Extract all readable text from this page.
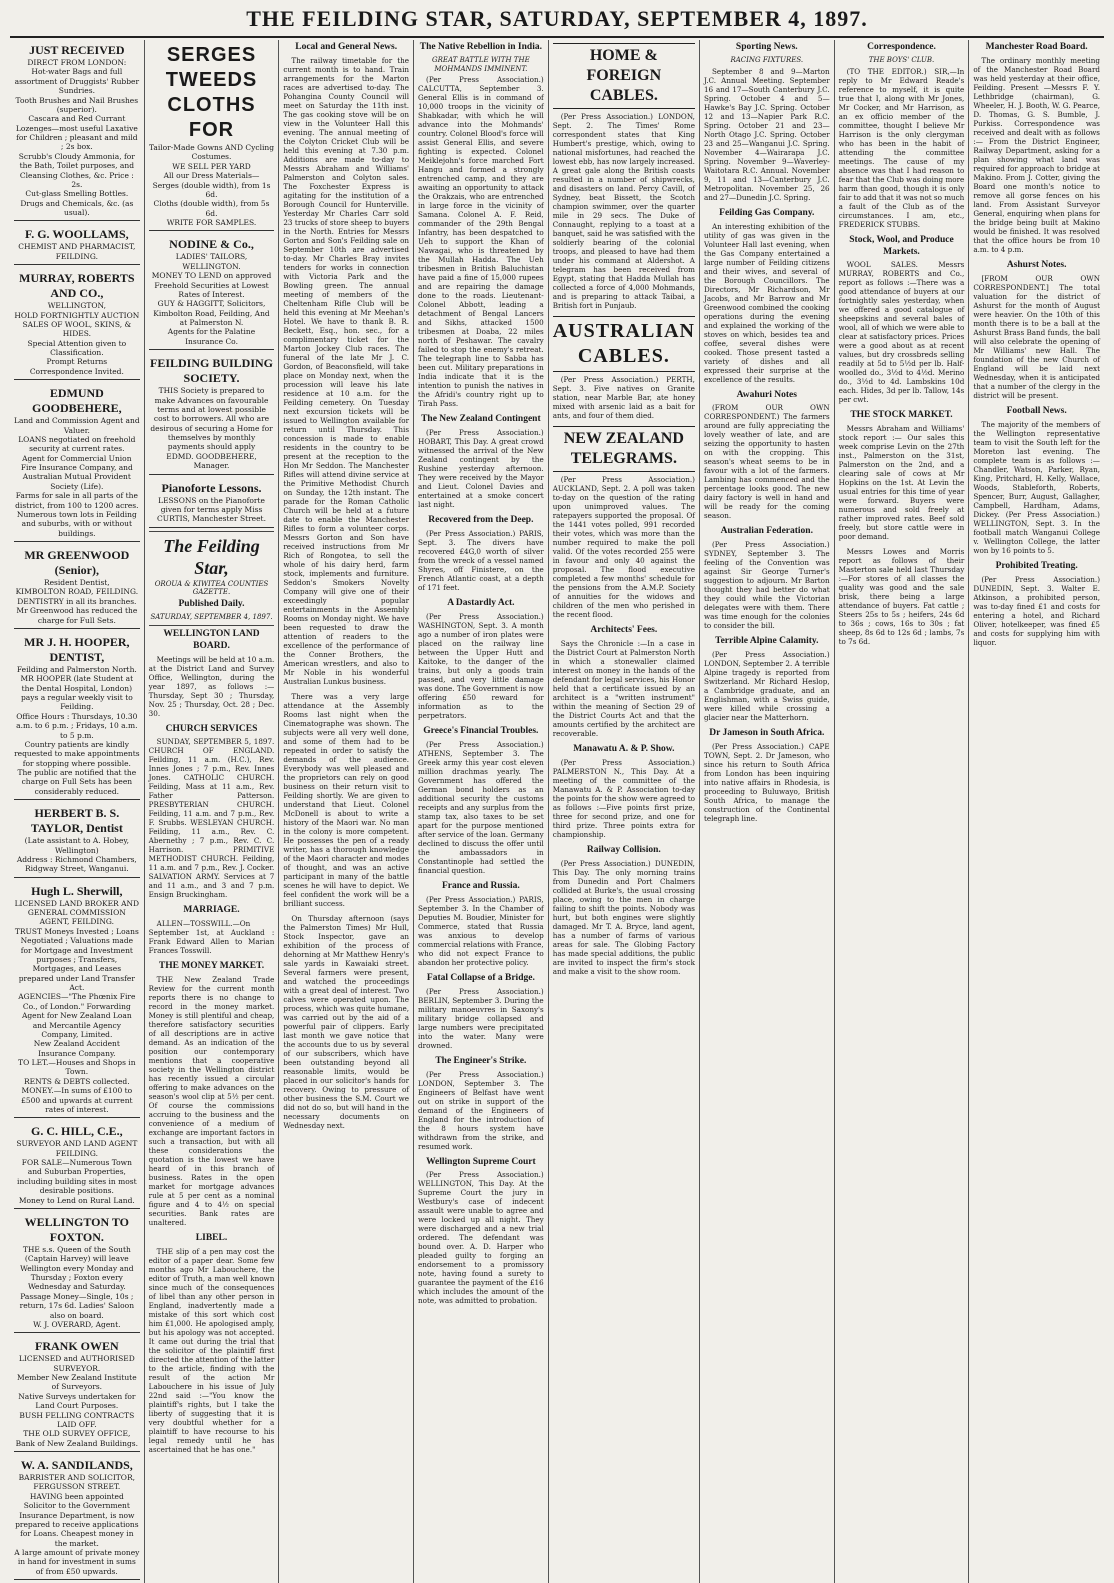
THE FEILDING STAR, SATURDAY, SEPTEMBER 4, 1897.
JUST RECEIVED
DIRECT FROM LONDON:
Hot-water Bags and full assortment of Druggists' Rubber Sundries.
Tooth Brushes and Nail Brushes (superior).
Cascara and Red Currant Lozenges—most useful Laxative for Children ; pleasant and mild ; 2s box.
Scrubb's Cloudy Ammonia, for the Bath, Toilet purposes, and Cleansing Clothes, &c. Price : 2s.
Cut-glass Smelling Bottles.
Drugs and Chemicals, &c. (as usual).
F. G. WOOLLAMS,
CHEMIST AND PHARMACIST, FEILDING.
MURRAY, ROBERTS AND CO.,
WELLINGTON,
HOLD FORTNIGHTLY AUCTION SALES OF WOOL, SKINS, & HIDES.
Special Attention given to Classification.
Prompt Returns
Correspondence Invited.
EDMUND GOODBEHERE,
Land and Commission Agent and Valuer.
LOANS negotiated on freehold security at current rates.
Agent for Commercial Union Fire Insurance Company, and Australian Mutual Provident Society (Life).
Farms for sale in all parts of the district, from 100 to 1200 acres.
Numerous town lots in Feilding and suburbs, with or without buildings.
MR GREENWOOD (Senior),
Resident Dentist,
KIMBOLTON ROAD, FEILDING.
DENTISTRY in all its branches.
Mr Greenwood has reduced the charge for Full Sets.
MR J. H. HOOPER, DENTIST,
Feilding and Palmerston North.
MR HOOPER (late Student at the Dental Hospital, London) pays a regular weekly visit to Feilding.
Office Hours : Thursdays, 10.30 a.m. to 6 p.m. ; Fridays, 10 a.m. to 5 p.m.
Country patients are kindly requested to make appointments for stopping where possible.
The public are notified that the charge on Full Sets has been considerably reduced.
HERBERT B. S. TAYLOR, Dentist
(Late assistant to A. Hobey, Wellington)
Address : Richmond Chambers, Ridgway Street, Wanganui.
Hugh L. Sherwill,
LICENSED LAND BROKER AND GENERAL COMMISSION AGENT, FEILDING.
TRUST Moneys Invested ; Loans Negotiated ; Valuations made for Mortgage and Investment purposes ; Transfers, Mortgages, and Leases prepared under Land Transfer Act.
AGENCIES—"The Phœnix Fire Co., of London." Forwarding Agent for New Zealand Loan and Mercantile Agency Company, Limited.
New Zealand Accident Insurance Company.
TO LET.—Houses and Shops in Town.
RENTS & DEBTS collected.
MONEY.—In sums of £100 to £500 and upwards at current rates of interest.
G. C. HILL, C.E.,
SURVEYOR AND LAND AGENT FEILDING.
FOR SALE—Numerous Town and Suburban Properties, including building sites in most desirable positions.
Money to Lend on Rural Land.
WELLINGTON TO FOXTON.
THE s.s. Queen of the South (Captain Harvey) will leave Wellington every Monday and Thursday ; Foxton every Wednesday and Saturday.
Passage Money—Single, 10s ; return, 17s 6d. Ladies' Saloon also on board.
W. J. OVERARD, Agent.
FRANK OWEN
LICENSED and AUTHORISED SURVEYOR.
Member New Zealand Institute of Surveyors.
Native Surveys undertaken for Land Court Purposes.
BUSH FELLING CONTRACTS LAID OFF.
THE OLD SURVEY OFFICE, Bank of New Zealand Buildings.
W. A. SANDILANDS,
BARRISTER AND SOLICITOR, FERGUSSON STREET.
HAVING been appointed Solicitor to the Government Insurance Department, is now prepared to receive applications for Loans. Cheapest money in the market.
A large amount of private money in hand for investment in sums of from £50 upwards.
SERGES
TWEEDS
CLOTHS
FOR
Tailor-Made Gowns AND Cycling Costumes.
WE SELL PER YARD
All our Dress Materials—
Serges (double width), from 1s 6d.
Cloths (double width), from 5s 6d.
WRITE FOR SAMPLES.
NODINE & Co.,
LADIES' TAILORS, WELLINGTON.
MONEY TO LEND on approved Freehold Securities at Lowest Rates of Interest.
GUY & HAGGITT, Solicitors, Kimbolton Road, Feilding, And at Palmerston N.
Agents for the Palatine Insurance Co.
FEILDING BUILDING SOCIETY.
THIS Society is prepared to make Advances on favourable terms and at lowest possible cost to borrowers. All who are desirous of securing a Home for themselves by monthly payments should apply
EDMD. GOODBEHERE, Manager.
Pianoforte Lessons.
LESSONS on the Pianoforte given for terms apply Miss CURTIS, Manchester Street.
The Feilding Star,
OROUA & KIWITEA COUNTIES GAZETTE.
Published Daily.
SATURDAY, SEPTEMBER 4, 1897.
WELLINGTON LAND BOARD.
Meetings will be held at 10 a.m. at the District Land and Survey Office, Wellington, during the year 1897, as follows :— Thursday, Sept 30 ; Thursday, Nov. 25 ; Thursday, Oct. 28 ; Dec. 30.
CHURCH SERVICES
SUNDAY, SEPTEMBER 5, 1897. CHURCH OF ENGLAND. Feilding, 11 a.m. (H.C.), Rev. Innes Jones ; 7 p.m., Rev. Innes Jones. CATHOLIC CHURCH. Feilding, Mass at 11 a.m., Rev. Father Patterson. PRESBYTERIAN CHURCH. Feilding, 11 a.m. and 7 p.m., Rev. F. Srubbs. WESLEYAN CHURCH. Feilding, 11 a.m., Rev. C. Abernethy ; 7 p.m., Rev. C. C. Harrison. PRIMITIVE METHODIST CHURCH. Feilding, 11 a.m. and 7 p.m., Rev. J. Cocker. SALVATION ARMY. Services at 7 and 11 a.m., and 3 and 7 p.m. Ensign Bruckingham.
MARRIAGE.
ALLEN—TOSSWILL.—On September 1st, at Auckland : Frank Edward Allen to Marian Frances Tosswill.
THE MONEY MARKET.
THE New Zealand Trade Review for the current month reports there is no change to record in the money market. Money is still plentiful and cheap, therefore satisfactory securities of all descriptions are in active demand. As an indication of the position our contemporary mentions that a cooperative society in the Wellington district has recently issued a circular offering to make advances on the season's wool clip at 5½ per cent. Of course the commissions accruing to the business and the convenience of a medium of exchange are important factors in such a transaction, but with all these considerations the quotation is the lowest we have heard of in this branch of business. Rates in the open market for mortgage advances rule at 5 per cent as a nominal figure and 4 to 4½ on special securities. Bank rates are unaltered.
LIBEL.
THE slip of a pen may cost the editor of a paper dear. Some few months ago Mr Labouchere, the editor of Truth, a man well known since much of the consequences of libel than any other person in England, inadvertently made a mistake of this sort which cost him £1,000. He apologised amply, but his apology was not accepted. It came out during the trial that the solicitor of the plaintiff first directed the attention of the latter to the article, finding with the result of the action Mr Labouchere in his issue of July 22nd said :—"You know the plaintiff's rights, but I take the liberty of suggesting that it is very doubtful whether for a plaintiff to have recourse to his legal remedy until he has ascertained that he has one."
Local and General News.
The railway timetable for the current month is to hand. Train arrangements for the Marton races are advertised to-day. The Pohangina County Council will meet on Saturday the 11th inst. The gas cooking stove will be on view in the Volunteer Hall this evening. The annual meeting of the Colyton Cricket Club will be held this evening at 7.30 p.m. Additions are made to-day to Messrs Abraham and Williams' Palmerston and Colyton sales. The Foxchester Express is agitating for the institution of a Borough Council for Hunterville. Yesterday Mr Charles Carr sold 23 trucks of store sheep to buyers in the North. Entries for Messrs Gorton and Son's Feilding sale on September 10th are advertised to-day. Mr Charles Bray invites tenders for works in connection with Victoria Park and the Bowling green. The annual meeting of members of the Cheltenham Rifle Club will be held this evening at Mr Meehan's Hotel. We have to thank B. R. Beckett, Esq., hon. sec., for a complimentary ticket for the Marton Jockey Club races. The funeral of the late Mr J. C. Gordon, of Beaconsfield, will take place on Monday next, when the procession will leave his late residence at 10 a.m. for the Feilding cemetery. On Tuesday next excursion tickets will be issued to Wellington available for return until Thursday. This concession is made to enable residents in the country to be present at the reception to the Hon Mr Seddon. The Manchester Rifles will attend divine service at the Primitive Methodist Church on Sunday, the 12th instant. The parade for the Roman Catholic Church will be held at a future date to enable the Manchester Rifles to form a volunteer corps. Messrs Gorton and Son have received instructions from Mr Rich of Rongotea, to sell the whole of his dairy herd, farm stock, implements and furniture. Seddon's Smokers Novelty Company will give one of their exceedingly popular entertainments in the Assembly Rooms on Monday night. We have been requested to draw the attention of readers to the excellence of the performance of the Conner Brothers, the American wrestlers, and also to Mr Noble in his wonderful Australian Lunkus business.
There was a very large attendance at the Assembly Rooms last night when the Cinematographe was shown. The subjects were all very well done, and some of them had to be repeated in order to satisfy the demands of the audience. Everybody was well pleased and the proprietors can rely on good business on their return visit to Feilding shortly. We are given to understand that Lieut. Colonel McDonell is about to write a history of the Maori war. No man in the colony is more competent. He possesses the pen of a ready writer, has a thorough knowledge of the Maori character and modes of thought, and was an active participant in many of the battle scenes he will have to depict. We feel confident the work will be a brilliant success.
On Thursday afternoon (says the Palmerston Times) Mr Hull, Stock Inspector, gave an exhibition of the process of dehorning at Mr Matthew Henry's sale yards in Kawaiaki street. Several farmers were present, and watched the proceedings with a great deal of interest. Two calves were operated upon. The process, which was quite humane, was carried out by the aid of a powerful pair of clippers. Early last month we gave notice that the accounts due to us by several of our subscribers, which have been outstanding beyond all reasonable limits, would be placed in our solicitor's hands for recovery. Owing to pressure of other business the S.M. Court we did not do so, but will hand in the necessary documents on Wednesday next.
The Native Rebellion in India.
GREAT BATTLE WITH THE MOHMANDS IMMINENT.
(Per Press Association.) CALCUTTA, September 3. General Ellis is in command of 10,000 troops in the vicinity of Shabkadar, with which he will advance into the Mohmands' country. Colonel Blood's force will assist General Ellis, and severe fighting is expected. Colonel Meiklejohn's force marched Fort Hangu and formed a strongly entrenched camp, and they are awaiting an opportunity to attack the Orakzais, who are entrenched in large force in the vicinity of Samana. Colonel A. F. Reid, commander of the 29th Bengal Infantry, has been despatched to Ueh to support the Khan of Nawagai, who is threatened by the Mullah Hadda. The Ueh tribesmen in British Baluchistan have paid a fine of 15,000 rupees and are repairing the damage done to the roads. Lieutenant-Colonel Abbott, leading a detachment of Bengal Lancers and Sikhs, attacked 1500 tribesmen at Doaba, 22 miles north of Peshawar. The cavalry failed to stop the enemy's retreat. The telegraph line to Sabba has been cut. Military preparations in India indicate that it is the intention to punish the natives in the Afridi's country right up to Tirah Pass.
The New Zealand Contingent
(Per Press Association.) HOBART, This Day. A great crowd witnessed the arrival of the New Zealand contingent by the Rushine yesterday afternoon. They were received by the Mayor and Lieut. Colonel Davies and entertained at a smoke concert last night.
Recovered from the Deep.
(Per Press Association.) PARIS, Sept. 3. The divers have recovered £4G,0 worth of silver from the wreck of a vessel named Shyres, off Finistere, on the French Atlantic coast, at a depth of 171 feet.
A Dastardly Act.
(Per Press Association.) WASHINGTON, Sept. 3. A month ago a number of iron plates were placed on the railway line between the Upper Hutt and Kaitoke, to the danger of the trains, but only a goods train passed, and very little damage was done. The Government is now offering £50 reward for information as to the perpetrators.
Greece's Financial Troubles.
(Per Press Association.) ATHENS, September 3. The Greek army this year cost eleven million drachmas yearly. The Government has offered the German bond holders as an additional security the customs receipts and any surplus from the stamp tax, also taxes to be set apart for the purpose mentioned after service of the loan. Germany declined to discuss the offer until the ambassadors in Constantinople had settled the financial question.
France and Russia.
(Per Press Association.) PARIS, September 3. In the Chamber of Deputies M. Boudier, Minister for Commerce, stated that Russia was anxious to develop commercial relations with France, who did not expect France to abandon her protective policy.
Fatal Collapse of a Bridge.
(Per Press Association.) BERLIN, September 3. During the military manoeuvres in Saxony's military bridge collapsed and large numbers were precipitated into the water. Many were drowned.
The Engineer's Strike.
(Per Press Association.) LONDON, September 3. The Engineers of Belfast have went out on strike in support of the demand of the Engineers of England for the introduction of the 8 hours system have withdrawn from the strike, and resumed work.
Wellington Supreme Court
(Per Press Association.) WELLINGTON, This Day. At the Supreme Court the jury in Westbury's case of indecent assault were unable to agree and were locked up all night. They were discharged and a new trial ordered. The defendant was bound over. A. D. Harper who pleaded guilty to forging an endorsement to a promissory note, having found a surety to guarantee the payment of the £16 which includes the amount of the note, was admitted to probation.
HOME & FOREIGN CABLES.
(Per Press Association.) LONDON, Sept. 2. The Times' Rome correspondent states that King Humbert's prestige, which, owing to national misfortunes, had reached the lowest ebb, has now largely increased. A great gale along the British coasts resulted in a number of shipwrecks, and disasters on land. Percy Cavill, of Sydney, beat Bissett, the Scotch champion swimmer, over the quarter mile in 29 secs. The Duke of Connaught, replying to a toast at a banquet, said he was satisfied with the soldierly bearing of the colonial troops, and pleased to have had them under his command at Aldershot. A telegram has been received from Egypt, stating that Hadda Mullah has collected a force of 4,000 Mohmands, and is preparing to attack Taibai, a British fort in Punjaub.
AUSTRALIAN CABLES.
(Per Press Association.) PERTH, Sept. 3. Five natives on Granite station, near Marble Bar, ate honey mixed with arsenic laid as a bait for ants, and four of them died.
NEW ZEALAND TELEGRAMS.
(Per Press Association.) AUCKLAND, Sept. 2. A poll was taken to-day on the question of the rating upon unimproved values. The ratepayers supported the proposal. Of the 1441 votes polled, 991 recorded their votes, which was more than the number required to make the poll valid. Of the votes recorded 255 were in favour and only 40 against the proposal. The flood executive completed a few months' schedule for the pensions from the A.M.P. Society of annuities for the widows and children of the men who perished in the recent flood.
Architects' Fees.
Says the Chronicle :—In a case in the District Court at Palmerston North in which a stonewaller claimed interest on money in the hands of the defendant for legal services, his Honor held that a certificate issued by an architect is a "written instrument" within the meaning of Section 29 of the District Courts Act and that the amounts certified by the architect are recoverable.
Manawatu A. & P. Show.
(Per Press Association.) PALMERSTON N., This Day. At a meeting of the committee of the Manawatu A. & P. Association to-day the points for the show were agreed to as follows :—Five points first prize, three for second prize, and one for third prize. Three points extra for championship.
Railway Collision.
(Per Press Association.) DUNEDIN, This Day. The only morning trains from Dunedin and Port Chalmers collided at Burke's, the usual crossing place, owing to the men in charge failing to shift the points. Nobody was hurt, but both engines were slightly damaged. Mr T. A. Bryce, land agent, has a number of farms of various areas for sale. The Globing Factory has made special additions, the public are invited to inspect the firm's stock and make a visit to the show room.
Sporting News.
RACING FIXTURES.
September 8 and 9—Marton J.C. Annual Meeting. September 16 and 17—South Canterbury J.C. Spring. October 4 and 5—Hawke's Bay J.C. Spring. October 12 and 13—Napier Park R.C. Spring. October 21 and 23—North Otago J.C. Spring. October 23 and 25—Wanganui J.C. Spring. November 4—Wairarapa J.C. Spring. November 9—Waverley-Waitotara R.C. Annual. November 9, 11 and 13—Canterbury J.C. Metropolitan. November 25, 26 and 27—Dunedin J.C. Spring.
Feilding Gas Company.
An interesting exhibition of the utility of gas was given in the Volunteer Hall last evening, when the Gas Company entertained a large number of Feilding citizens and their wives, and several of the Borough Councillors. The Directors, Mr Richardson, Mr Jacobs, and Mr Barrow and Mr Greenwood combined the cooking operations during the evening and explained the working of the stoves on which, besides tea and coffee, several dishes were cooked. Those present tasted a variety of dishes and all expressed their surprise at the excellence of the results.
Awahuri Notes
(FROM OUR OWN CORRESPONDENT.) The farmers around are fully appreciating the lovely weather of late, and are seizing the opportunity to hasten on with the cropping. This season's wheat seems to be in favour with a lot of the farmers. Lambing has commenced and the percentage looks good. The new dairy factory is well in hand and will be ready for the coming season.
Australian Federation.
(Per Press Association.) SYDNEY, September 3. The feeling of the Convention was against Sir George Turner's suggestion to adjourn. Mr Barton thought they had better do what they could while the Victorian delegates were with them. There was time enough for the colonies to consider the bill.
Terrible Alpine Calamity.
(Per Press Association.) LONDON, September 2. A terrible Alpine tragedy is reported from Switzerland. Mr Richard Heslop, a Cambridge graduate, and an Englishman, with a Swiss guide, were killed while crossing a glacier near the Matterhorn.
Dr Jameson in South Africa.
(Per Press Association.) CAPE TOWN, Sept. 2. Dr Jameson, who since his return to South Africa from London has been inquiring into native affairs in Rhodesia, is proceeding to Buluwayo, British South Africa, to manage the construction of the Continental telegraph line.
Correspondence.
THE BOYS' CLUB.
(TO THE EDITOR.) SIR,—In reply to Mr Edward Reade's reference to myself, it is quite true that I, along with Mr Jones, Mr Cocker, and Mr Harrison, as an ex officio member of the committee, thought I believe Mr Harrison is the only clergyman who has been in the habit of attending the committee meetings. The cause of my absence was that I had reason to fear that the Club was doing more harm than good, though it is only fair to add that it was not so much a fault of the Club as of the circumstances. I am, etc., FREDERICK STUBBS.
Stock, Wool, and Produce Markets.
WOOL SALES. Messrs MURRAY, ROBERTS and Co., report as follows :—There was a good attendance of buyers at our fortnightly sales yesterday, when we offered a good catalogue of sheepskins and several bales of wool, all of which we were able to clear at satisfactory prices. Prices were a good about as at recent values, but dry crossbreds selling readily at 5d to 5½d per lb. Half-woolled do., 3½d to 4½d. Merino do., 3½d to 4d. Lambskins 10d each. Hides, 3d per lb. Tallow, 14s per cwt.
THE STOCK MARKET.
Messrs Abraham and Williams' stock report :— Our sales this week comprise Levin on the 27th inst., Palmerston on the 31st, Palmerston on the 2nd, and a clearing sale of cows at Mr Hopkins on the 1st. At Levin the usual entries for this time of year were forward. Buyers were numerous and sold freely at rather improved rates. Beef sold freely, but store cattle were in poor demand.
Messrs Lowes and Morris report as follows of their Masterton sale held last Thursday :—For stores of all classes the quality was good and the sale brisk, there being a large attendance of buyers. Fat cattle ; Steers 25s to 5s ; heifers, 24s 6d to 36s ; cows, 16s to 30s ; fat sheep, 8s 6d to 12s 6d ; lambs, 7s to 7s 6d.
Manchester Road Board.
The ordinary monthly meeting of the Manchester Road Board was held yesterday at their office, Feilding. Present —Messrs F. Y. Lethbridge (chairman), G. Wheeler, H. J. Booth, W. G. Pearce, D. Thomas, G. S. Bumble, J. Purkiss. Correspondence was received and dealt with as follows :— From the District Engineer, Railway Department, asking for a plan showing what land was required for approach to bridge at Makino. From J. Cotter, giving the Board one month's notice to remove all gorse fences on his land. From Assistant Surveyor General, enquiring when plans for the bridge being built at Makino would be finished. It was resolved that the office hours be from 10 a.m. to 4 p.m.
Ashurst Notes.
[FROM OUR OWN CORRESPONDENT.] The total valuation for the district of Ashurst for the month of August were heavier. On the 10th of this month there is to be a ball at the Ashurst Brass Band funds, the ball will also celebrate the opening of Mr Williams' new Hall. The foundation of the new Church of England will be laid next Wednesday, when it is anticipated that a number of the clergy in the district will be present.
Football News.
The majority of the members of the Wellington representative team to visit the South left for the Moreton last evening. The complete team is as follows :—Chandler, Watson, Parker, Ryan, King, Pritchard, H. Kelly, Wallace, Woods, Stableforth, Roberts, Spencer, Burr, August, Gallagher, Campbell, Hardham, Adams, Dickey. (Per Press Association.) WELLINGTON, Sept. 3. In the football match Wanganui College v. Wellington College, the latter won by 16 points to 5.
Prohibited Treating.
(Per Press Association.) DUNEDIN, Sept. 3. Walter E. Atkinson, a prohibited person, was to-day fined £1 and costs for entering a hotel, and Richard Oliver, hotelkeeper, was fined £5 and costs for supplying him with liquor.
